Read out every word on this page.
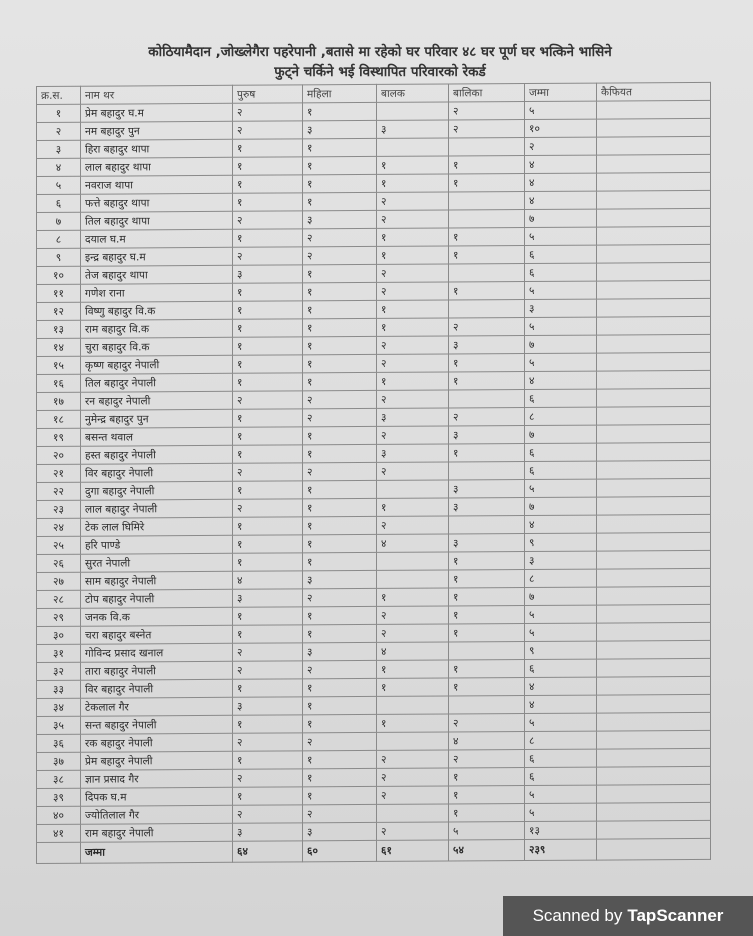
कोठियामैदान ,जोख्लेगैरा पहरेपानी ,बतासे मा रहेको घर परिवार ४८ घर पूर्ण घर भत्किने भासिने
फुट्ने चर्किने भई विस्थापित परिवारको रेकर्ड
क्र.स.	नाम थर	पुरुष	महिला	बालक	बालिका	जम्मा	कैफियत
१	प्रेम बहादुर घ.म	२	१		२	५	
२	नम बहादुर पुन	२	३	३	२	१०	
३	हिरा बहादुर थापा	१	१			२	
४	लाल बहादुर थापा	१	१	१	१	४	
५	नवराज थापा	१	१	१	१	४	
६	फत्ते बहादुर थापा	१	१	२		४	
७	तिल बहादुर थापा	२	३	२		७	
८	दयाल घ.म	१	२	१	१	५	
९	इन्द्र बहादुर घ.म	२	२	१	१	६	
१०	तेज बहादुर थापा	३	१	२		६	
११	गणेश राना	१	१	२	१	५	
१२	विष्णु बहादुर वि.क	१	१	१		३	
१३	राम बहादुर वि.क	१	१	१	२	५	
१४	चुरा बहादुर वि.क	१	१	२	३	७	
१५	कृष्ण बहादुर नेपाली	१	१	२	१	५	
१६	तिल बहादुर नेपाली	१	१	१	१	४	
१७	रन बहादुर नेपाली	२	२	२		६	
१८	नुमेन्द्र बहादुर पुन	१	२	३	२	८	
१९	बसन्त थवाल	१	१	२	३	७	
२०	हस्त बहादुर नेपाली	१	१	३	१	६	
२१	विर बहादुर नेपाली	२	२	२		६	
२२	दुगा बहादुर नेपाली	१	१		३	५	
२३	लाल बहादुर नेपाली	२	१	१	३	७	
२४	टेक लाल घिमिरे	१	१	२		४	
२५	हरि पाण्डे	१	१	४	३	९	
२६	सुरत नेपाली	१	१		१	३	
२७	साम बहादुर नेपाली	४	३		१	८	
२८	टोप बहादुर नेपाली	३	२	१	१	७	
२९	जनक वि.क	१	१	२	१	५	
३०	चरा बहादुर बस्नेत	१	१	२	१	५	
३१	गोविन्द प्रसाद खनाल	२	३	४		९	
३२	तारा बहादुर नेपाली	२	२	१	१	६	
३३	विर बहादुर नेपाली	१	१	१	१	४	
३४	टेकलाल गैर	३	१			४	
३५	सन्त बहादुर नेपाली	१	१	१	२	५	
३६	रक बहादुर नेपाली	२	२		४	८	
३७	प्रेम बहादुर नेपाली	१	१	२	२	६	
३८	ज्ञान प्रसाद गैर	२	१	२	१	६	
३९	दिपक घ.म	१	१	२	१	५	
४०	ज्योतिलाल गैर	२	२		१	५	
४१	राम बहादुर नेपाली	३	३	२	५	१३	
	जम्मा	६४	६०	६१	५४	२३९	
Scanned by TapScanner
